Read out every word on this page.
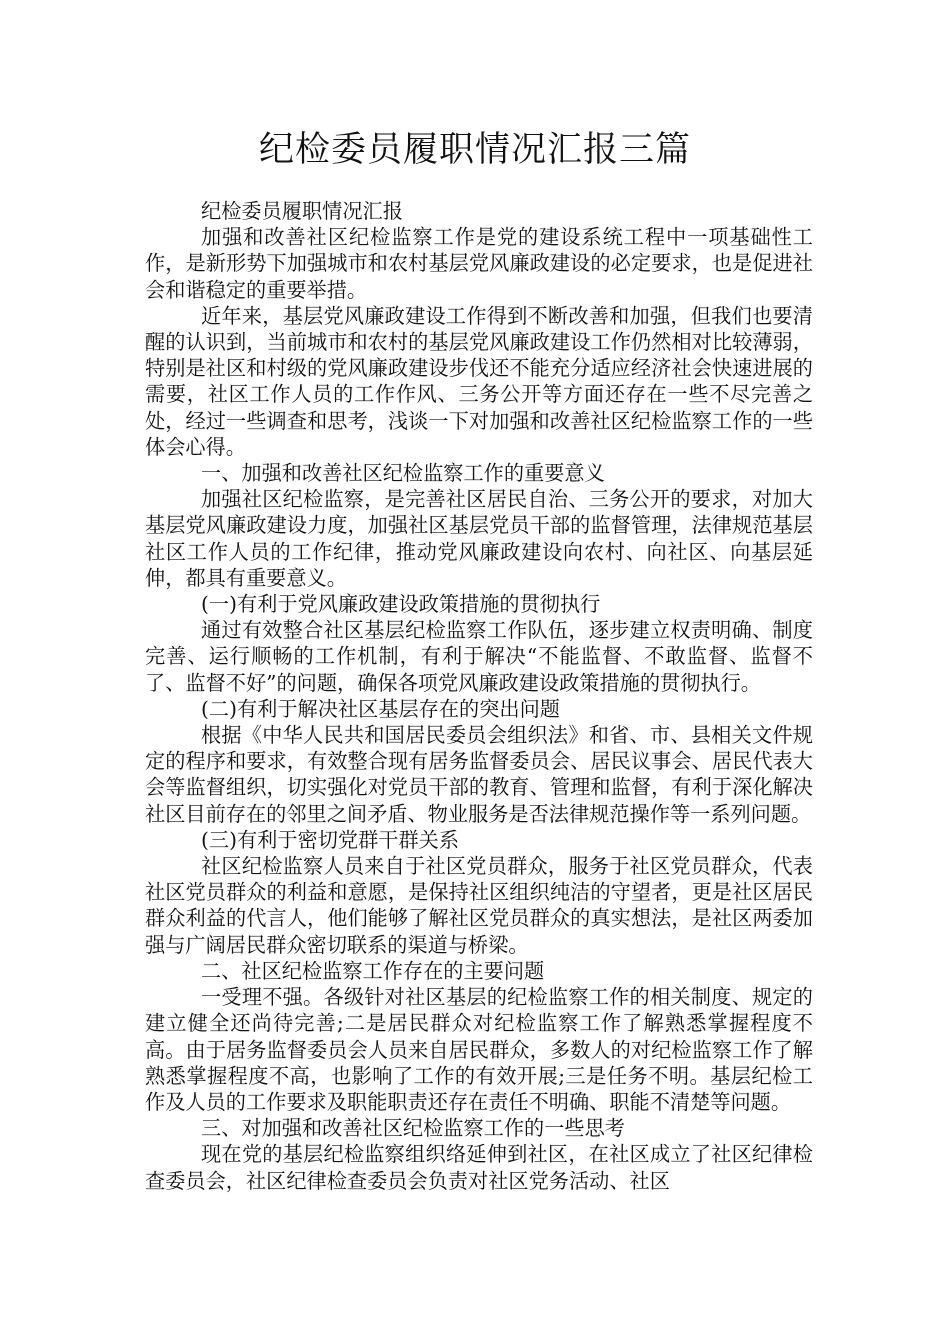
纪检委员履职情况汇报三篇

纪检委员履职情况汇报

加强和改善社区纪检监察工作是党的建设系统工程中一项基础性工作，是新形势下加强城市和农村基层党风廉政建设的必定要求，也是促进社会和谐稳定的重要举措。

近年来，基层党风廉政建设工作得到不断改善和加强，但我们也要清醒的认识到，当前城市和农村的基层党风廉政建设工作仍然相对比较薄弱，特别是社区和村级的党风廉政建设步伐还不能充分适应经济社会快速进展的需要，社区工作人员的工作作风、三务公开等方面还存在一些不尽完善之处，经过一些调查和思考，浅谈一下对加强和改善社区纪检监察工作的一些体会心得。

一、加强和改善社区纪检监察工作的重要意义

加强社区纪检监察，是完善社区居民自治、三务公开的要求，对加大基层党风廉政建设力度，加强社区基层党员干部的监督管理，法律规范基层社区工作人员的工作纪律，推动党风廉政建设向农村、向社区、向基层延伸，都具有重要意义。

(一)有利于党风廉政建设政策措施的贯彻执行

通过有效整合社区基层纪检监察工作队伍，逐步建立权责明确、制度完善、运行顺畅的工作机制，有利于解决“不能监督、不敢监督、监督不了、监督不好”的问题，确保各项党风廉政建设政策措施的贯彻执行。

(二)有利于解决社区基层存在的突出问题

根据《中华人民共和国居民委员会组织法》和省、市、县相关文件规定的程序和要求，有效整合现有居务监督委员会、居民议事会、居民代表大会等监督组织，切实强化对党员干部的教育、管理和监督，有利于深化解决社区目前存在的邻里之间矛盾、物业服务是否法律规范操作等一系列问题。

(三)有利于密切党群干群关系

社区纪检监察人员来自于社区党员群众，服务于社区党员群众，代表社区党员群众的利益和意愿，是保持社区组织纯洁的守望者，更是社区居民群众利益的代言人，他们能够了解社区党员群众的真实想法，是社区两委加强与广阔居民群众密切联系的渠道与桥梁。

二、社区纪检监察工作存在的主要问题

一受理不强。各级针对社区基层的纪检监察工作的相关制度、规定的建立健全还尚待完善;二是居民群众对纪检监察工作了解熟悉掌握程度不高。由于居务监督委员会人员来自居民群众，多数人的对纪检监察工作了解熟悉掌握程度不高，也影响了工作的有效开展;三是任务不明。基层纪检工作及人员的工作要求及职能职责还存在责任不明确、职能不清楚等问题。

三、对加强和改善社区纪检监察工作的一些思考

现在党的基层纪检监察组织络延伸到社区，在社区成立了社区纪律检查委员会，社区纪律检查委员会负责对社区党务活动、社区
